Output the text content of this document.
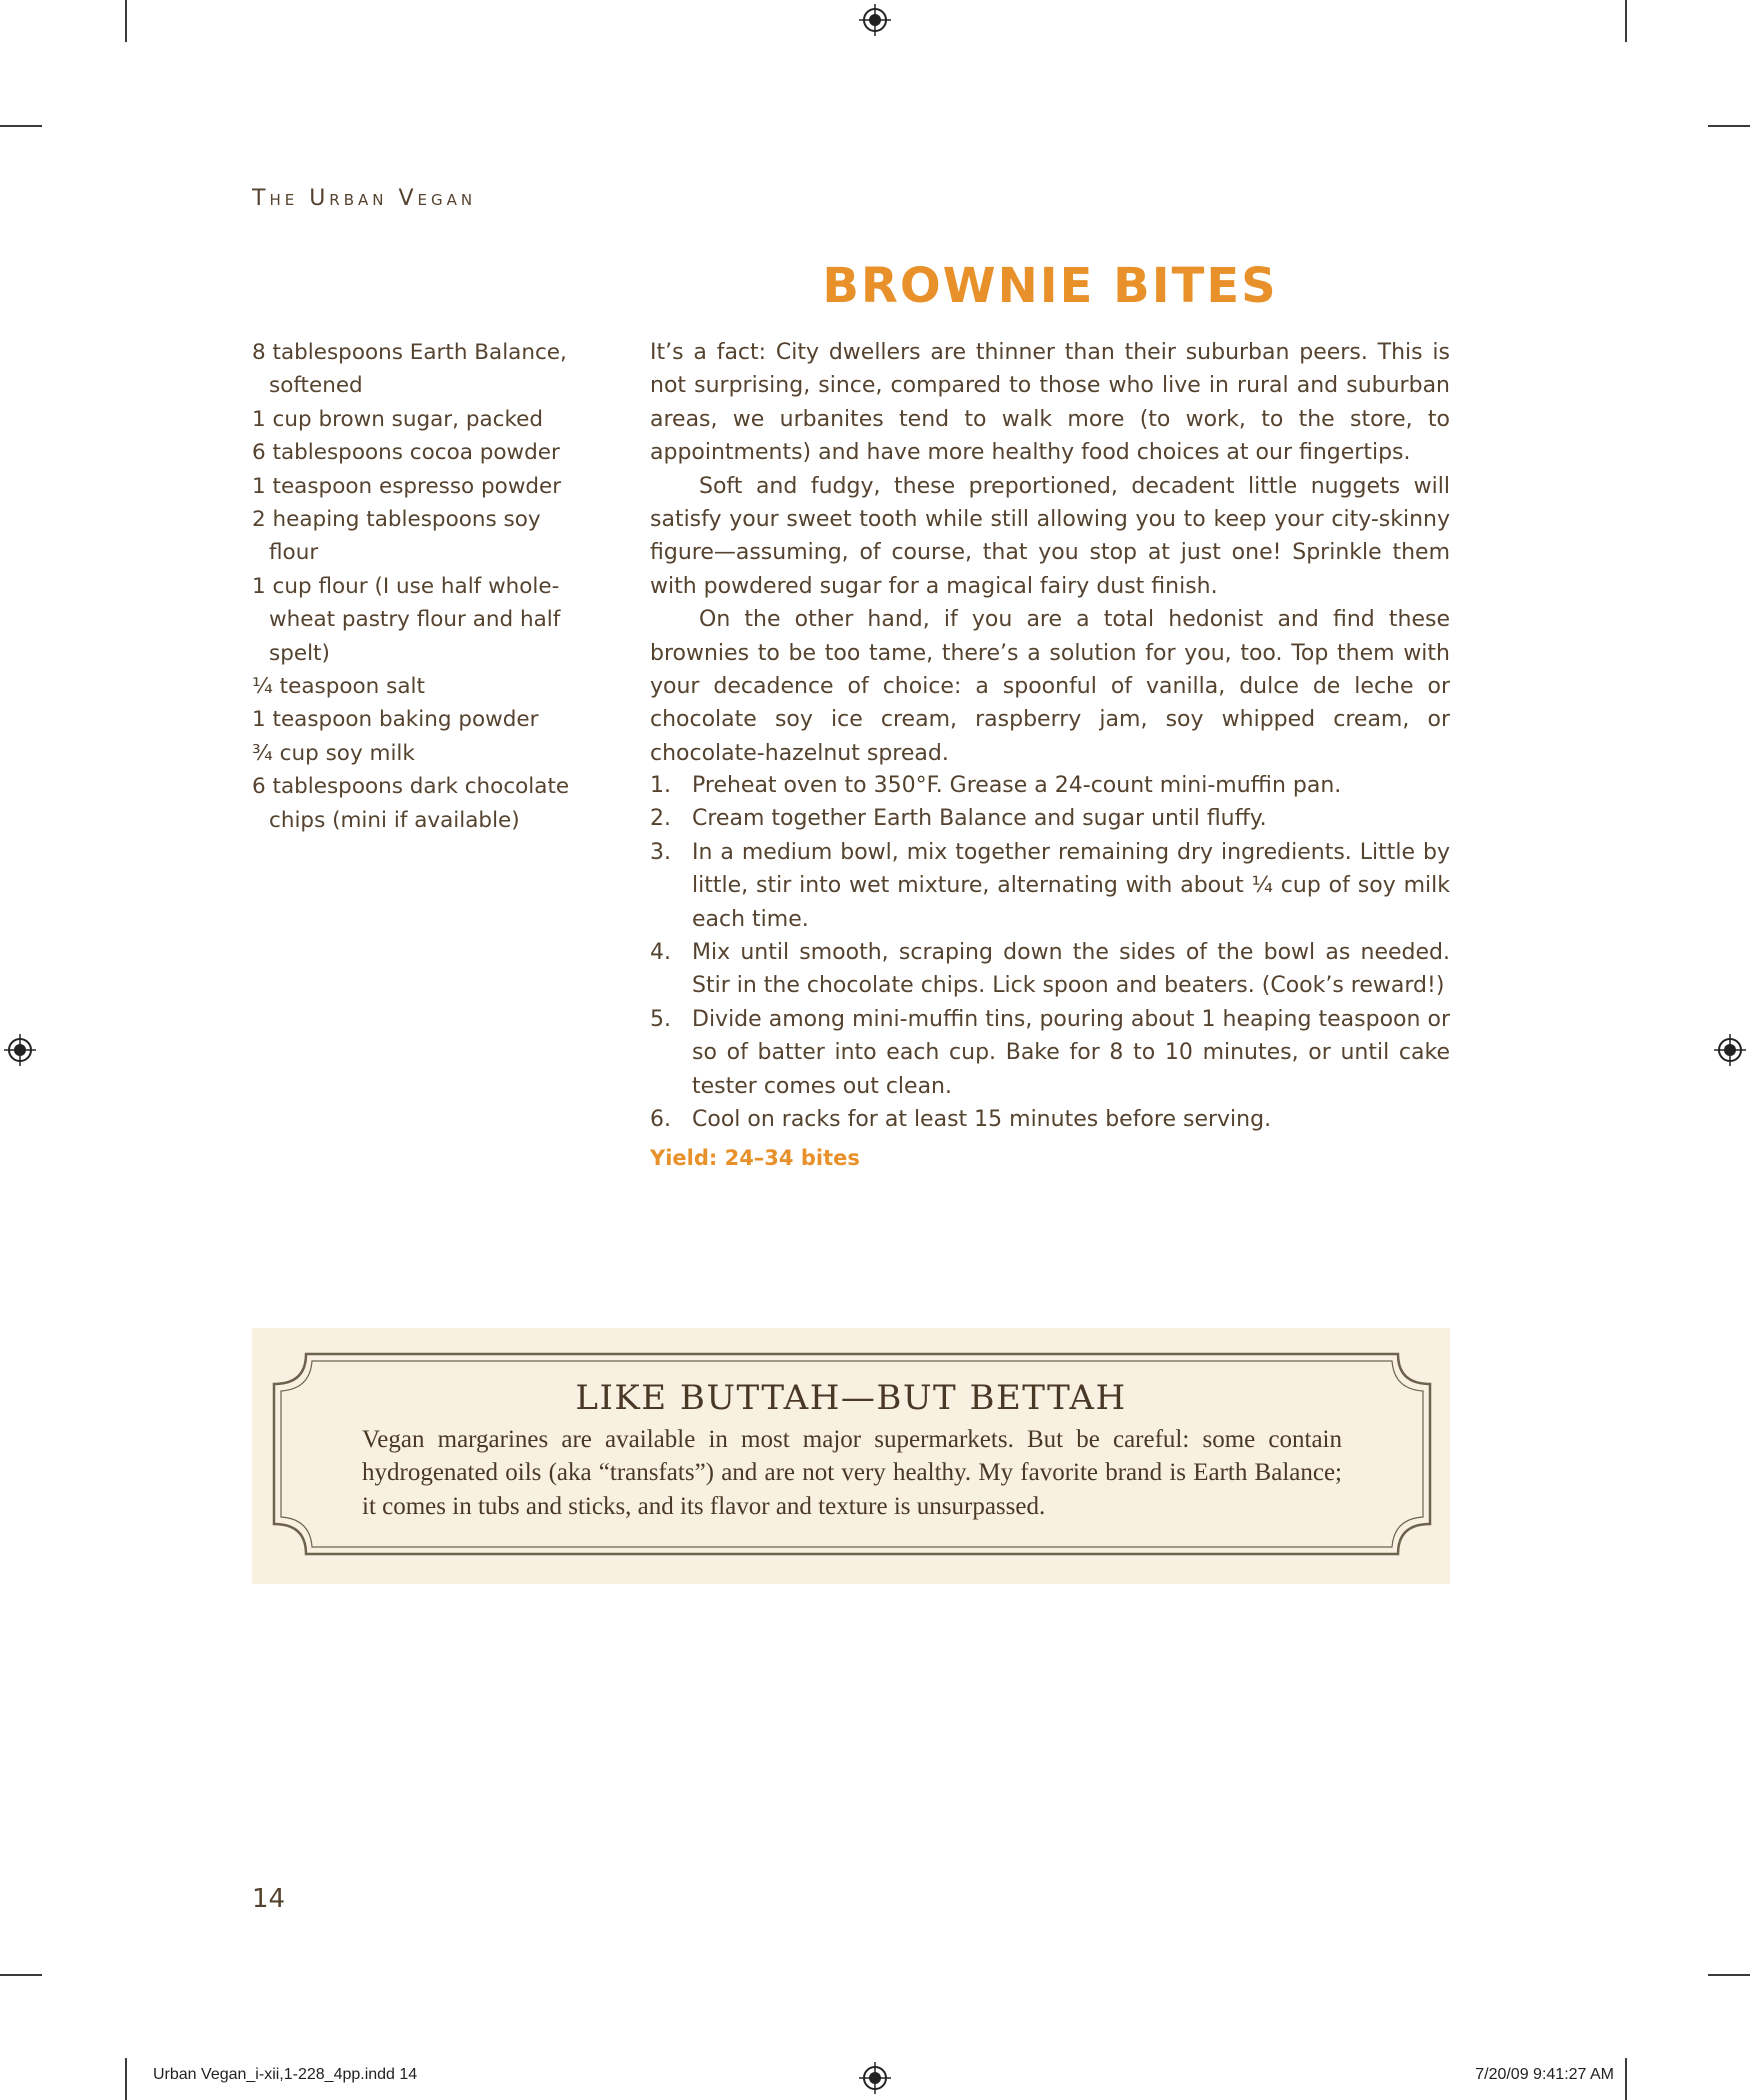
The Urban Vegan
BROWNIE BITES
8 tablespoons Earth Balance, softened
1 cup brown sugar, packed
6 tablespoons cocoa powder
1 teaspoon espresso powder
2 heaping tablespoons soy flour
1 cup flour (I use half whole-wheat pastry flour and half spelt)
¼ teaspoon salt
1 teaspoon baking powder
¾ cup soy milk
6 tablespoons dark chocolate chips (mini if available)

It’s a fact: City dwellers are thinner than their suburban peers. This is not surprising, since, compared to those who live in rural and suburban areas, we urbanites tend to walk more (to work, to the store, to appointments) and have more healthy food choices at our fingertips.

Soft and fudgy, these preportioned, decadent little nuggets will satisfy your sweet tooth while still allowing you to keep your city-skinny figure—assuming, of course, that you stop at just one! Sprinkle them with powdered sugar for a magical fairy dust finish.

On the other hand, if you are a total hedonist and find these brownies to be too tame, there’s a solution for you, too. Top them with your decadence of choice: a spoonful of vanilla, dulce de leche or chocolate soy ice cream, raspberry jam, soy whipped cream, or chocolate-hazelnut spread.

1. Preheat oven to 350°F. Grease a 24-count mini-muffin pan.
2. Cream together Earth Balance and sugar until fluffy.
3. In a medium bowl, mix together remaining dry ingredients. Little by little, stir into wet mixture, alternating with about ¼ cup of soy milk each time.
4. Mix until smooth, scraping down the sides of the bowl as needed. Stir in the chocolate chips. Lick spoon and beaters. (Cook’s reward!)
5. Divide among mini-muffin tins, pouring about 1 heaping teaspoon or so of batter into each cup. Bake for 8 to 10 minutes, or until cake tester comes out clean.
6. Cool on racks for at least 15 minutes before serving.
Yield: 24–34 bites
LIKE BUTTAH—BUT BETTAH

Vegan margarines are available in most major supermarkets. But be careful: some contain hydrogenated oils (aka “transfats”) and are not very healthy. My favorite brand is Earth Balance; it comes in tubs and sticks, and its flavor and texture is unsurpassed.

14
Urban Vegan_i-xii,1-228_4pp.indd 14	7/20/09 9:41:27 AM
